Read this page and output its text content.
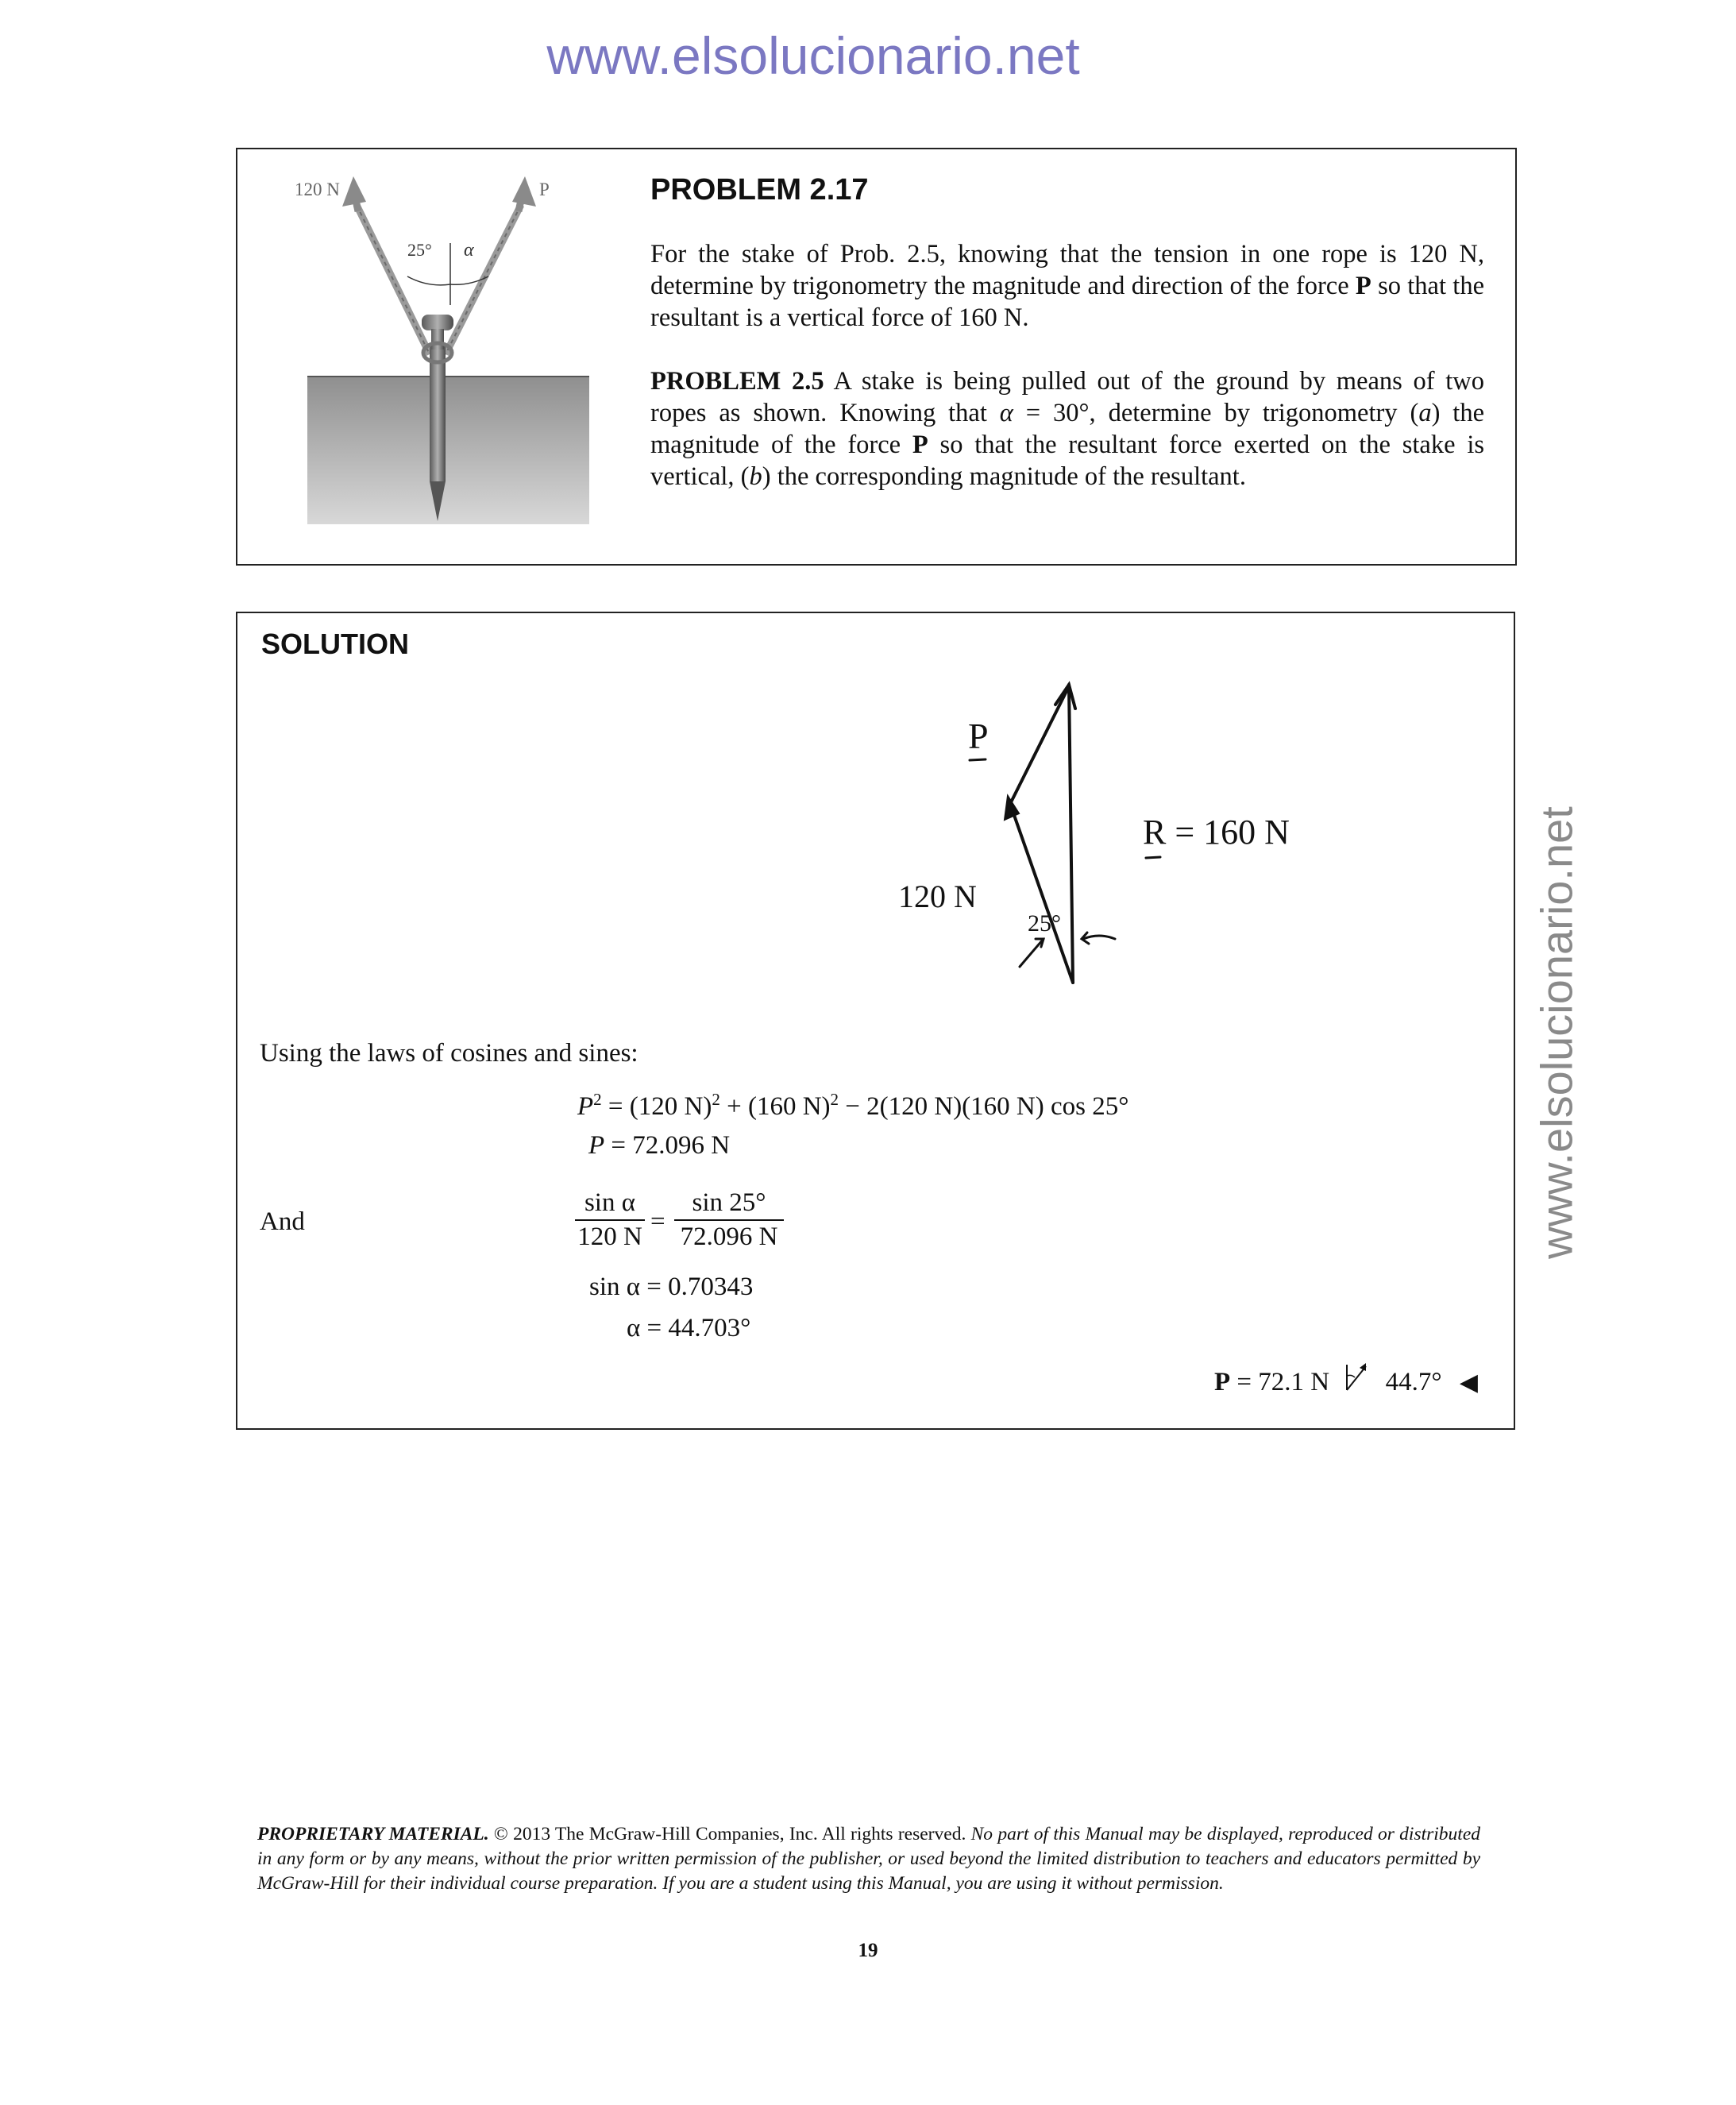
www.elsolucionario.net
www.elsolucionario.net
120 N	P
25° α
PROBLEM 2.17
For the stake of Prob. 2.5, knowing that the tension in one rope is 120 N, determine by trigonometry the magnitude and direction of the force P so that the resultant is a vertical force of 160 N.
PROBLEM 2.5 A stake is being pulled out of the ground by means of two ropes as shown. Knowing that α = 30°, determine by trigonometry (a) the magnitude of the force P so that the resultant force exerted on the stake is vertical, (b) the corresponding magnitude of the resultant.
SOLUTION
P
R = 160 N
120 N
25°
Using the laws of cosines and sines:
$P^2 = (120$ N)$^2$ + (160 N)$^2$ − 2(120 N)(160 N) cos 25°
P = 72.096 N
And	$\frac{\text{sin α}}{120 N} = \frac{\sin 25^\circ}{72.096 N}$
sin α = 0.70343
α = 44.703°
P = 72.1 N 44.7° ◀
PROPRIETARY MATERIAL. © 2013 The McGraw-Hill Companies, Inc. All rights reserved. No part of this Manual may be displayed, reproduced or distributed in any form or by any means, without the prior written permission of the publisher, or used beyond the limited distribution to teachers and educators permitted by McGraw-Hill for their individual course preparation. If you are a student using this Manual, you are using it without permission.
19
